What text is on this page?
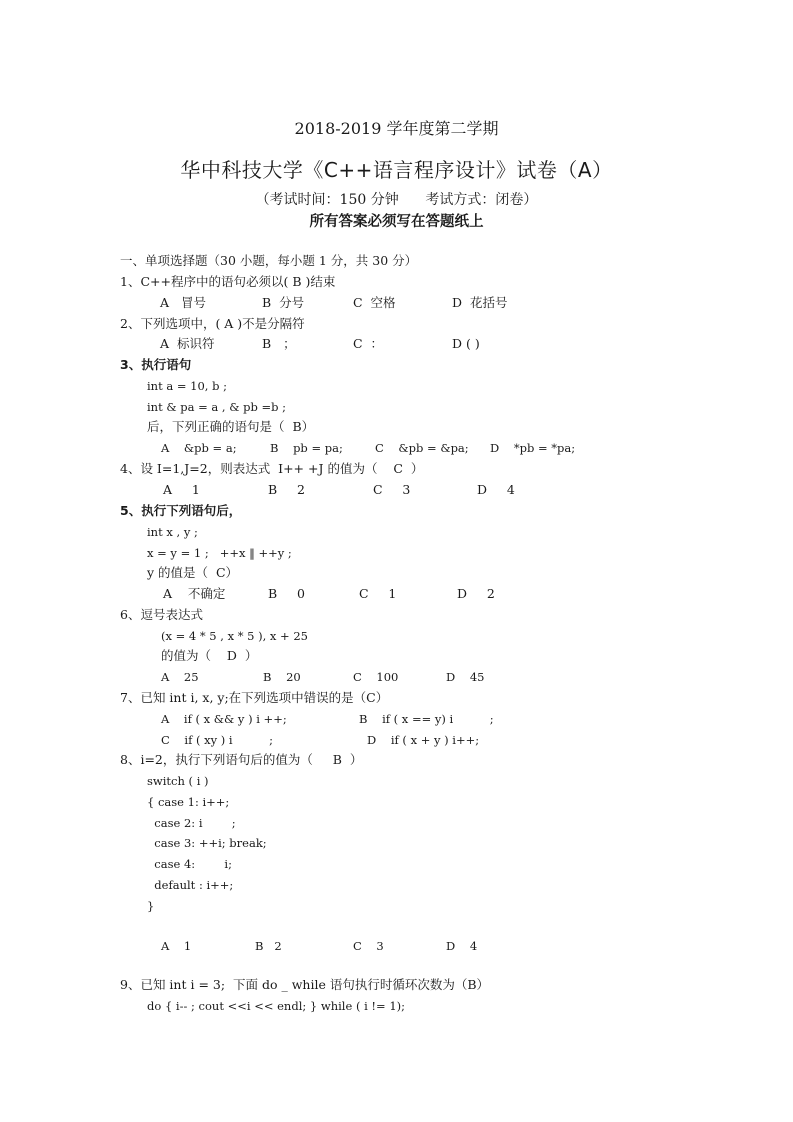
2018-2019 学年度第二学期
华中科技大学《C++语言程序设计》试卷（A）
（考试时间：150 分钟      考试方式：闭卷）
所有答案必须写在答题纸上
一、单项选择题（30 小题，每小题 1 分，共 30 分）
1、C++程序中的语句必须以( B )结束
A   冒号	B  分号	C  空格	D  花括号
2、下列选项中，( A )不是分隔符
A  标识符	B   ；	C  ：	D ( )
3、执行语句
int a = 10, b ;
int & pa = a , & pb =b ;
后，下列正确的语句是（  B）
A    &pb = a;	B    pb = pa;	C    &pb = &pa; D    *pb = *pa;
4、设 I=1,J=2，则表达式  I++ +J 的值为（    C  ）
A     1	B     2	C     3	D     4
5、执行下列语句后，
int x , y ;
x = y = 1 ;   ++x ‖ ++y ;
y 的值是（  C）
A    不确定	B     0	C     1	D     2
6、逗号表达式
(x = 4 * 5 , x * 5 ), x + 25
的值为（    D  ）
A    25	B    20	C    100	D    45
7、已知 int i, x, y;在下列选项中错误的是（C）
A    if ( x && y ) i ++;	B    if ( x == y) i          ;
C    if ( xy ) i          ;	D    if ( x + y ) i++;
8、i=2，执行下列语句后的值为（     B  ）
switch ( i )
{ case 1: i++;
case 2: i        ;
case 3: ++i; break;
case 4:        i;
default : i++;
}
A    1	B   2	C    3	D    4
9、已知 int i = 3;  下面 do _ while 语句执行时循环次数为（B）
do { i-- ; cout <<i << endl; } while ( i != 1);
